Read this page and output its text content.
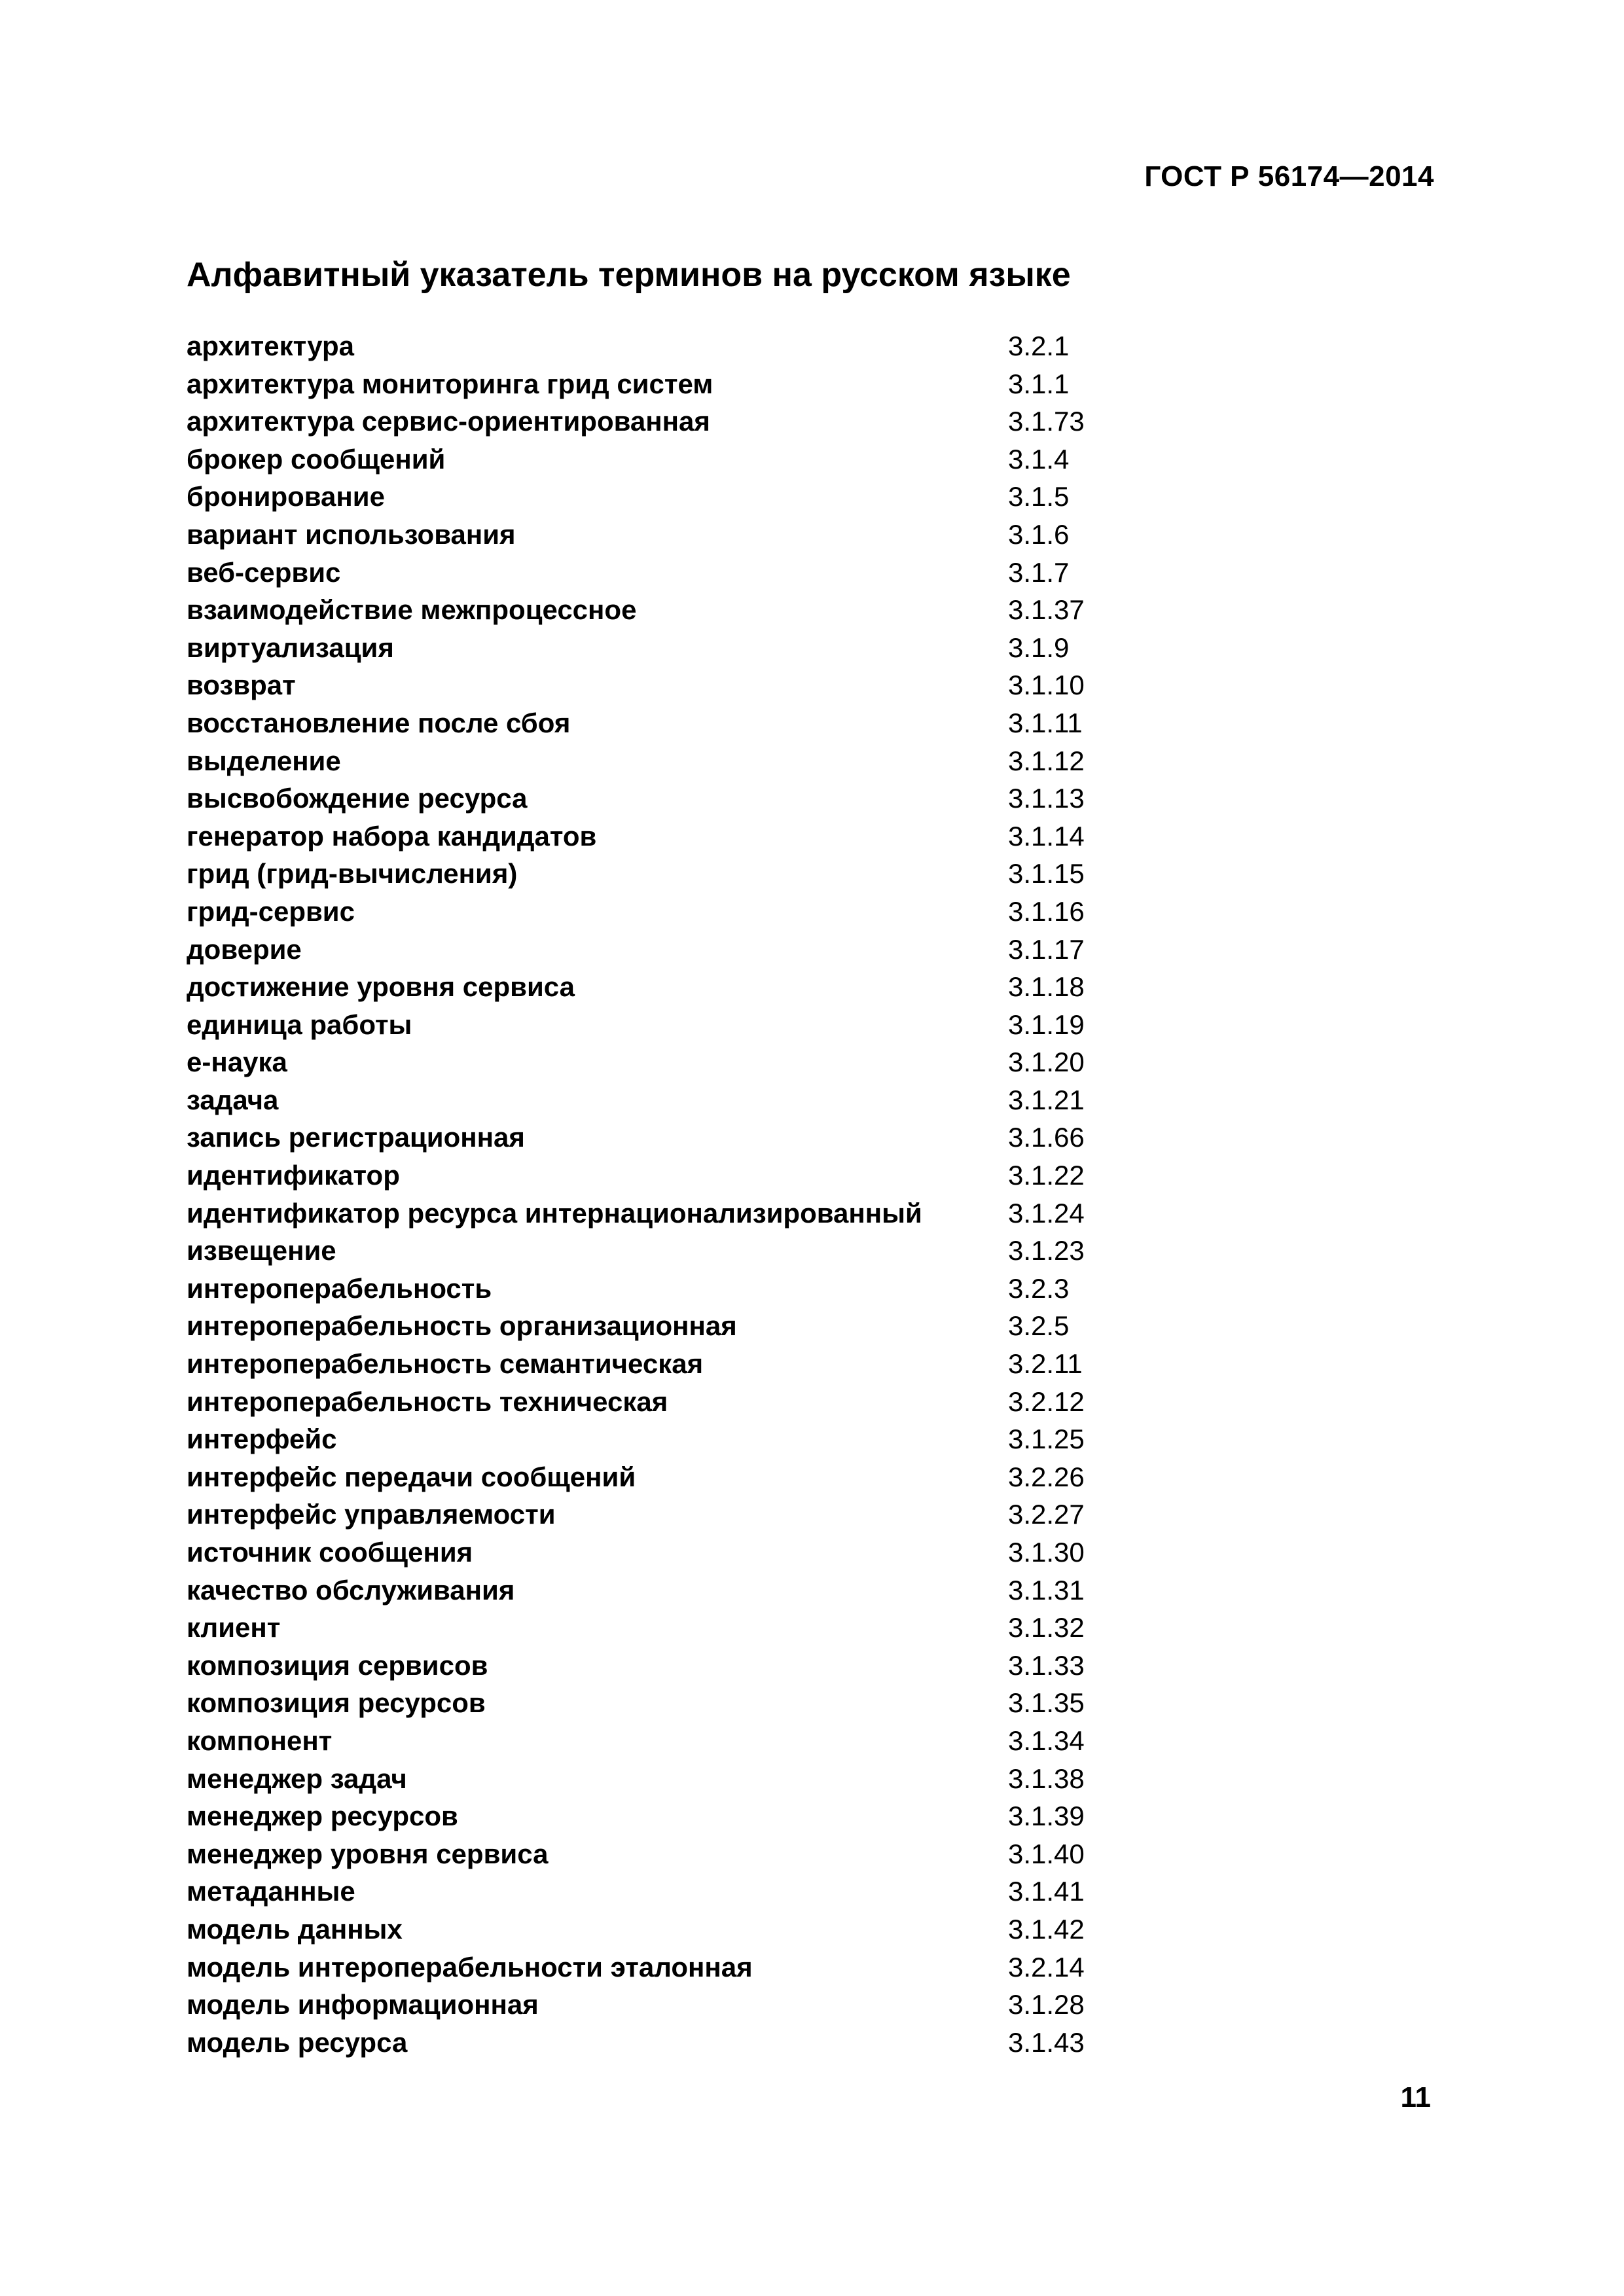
ГОСТ Р 56174—2014
Алфавитный указатель терминов на русском языке
архитектура	3.2.1
архитектура мониторинга грид систем	3.1.1
архитектура сервис-ориентированная	3.1.73
брокер сообщений	3.1.4
бронирование	3.1.5
вариант использования	3.1.6
веб-сервис	3.1.7
взаимодействие межпроцессное	3.1.37
виртуализация	3.1.9
возврат	3.1.10
восстановление после сбоя	3.1.11
выделение	3.1.12
высвобождение ресурса	3.1.13
генератор набора кандидатов	3.1.14
грид (грид-вычисления)	3.1.15
грид-сервис	3.1.16
доверие	3.1.17
достижение уровня сервиса	3.1.18
единица работы	3.1.19
е-наука	3.1.20
задача	3.1.21
запись регистрационная	3.1.66
идентификатор	3.1.22
идентификатор ресурса интернационализированный	3.1.24
извещение	3.1.23
интероперабельность	3.2.3
интероперабельность организационная	3.2.5
интероперабельность семантическая	3.2.11
интероперабельность техническая	3.2.12
интерфейс	3.1.25
интерфейс передачи сообщений	3.2.26
интерфейс управляемости	3.2.27
источник сообщения	3.1.30
качество обслуживания	3.1.31
клиент	3.1.32
композиция сервисов	3.1.33
композиция ресурсов	3.1.35
компонент	3.1.34
менеджер задач	3.1.38
менеджер ресурсов	3.1.39
менеджер уровня сервиса	3.1.40
метаданные	3.1.41
модель данных	3.1.42
модель интероперабельности эталонная	3.2.14
модель информационная	3.1.28
модель ресурса	3.1.43
11
